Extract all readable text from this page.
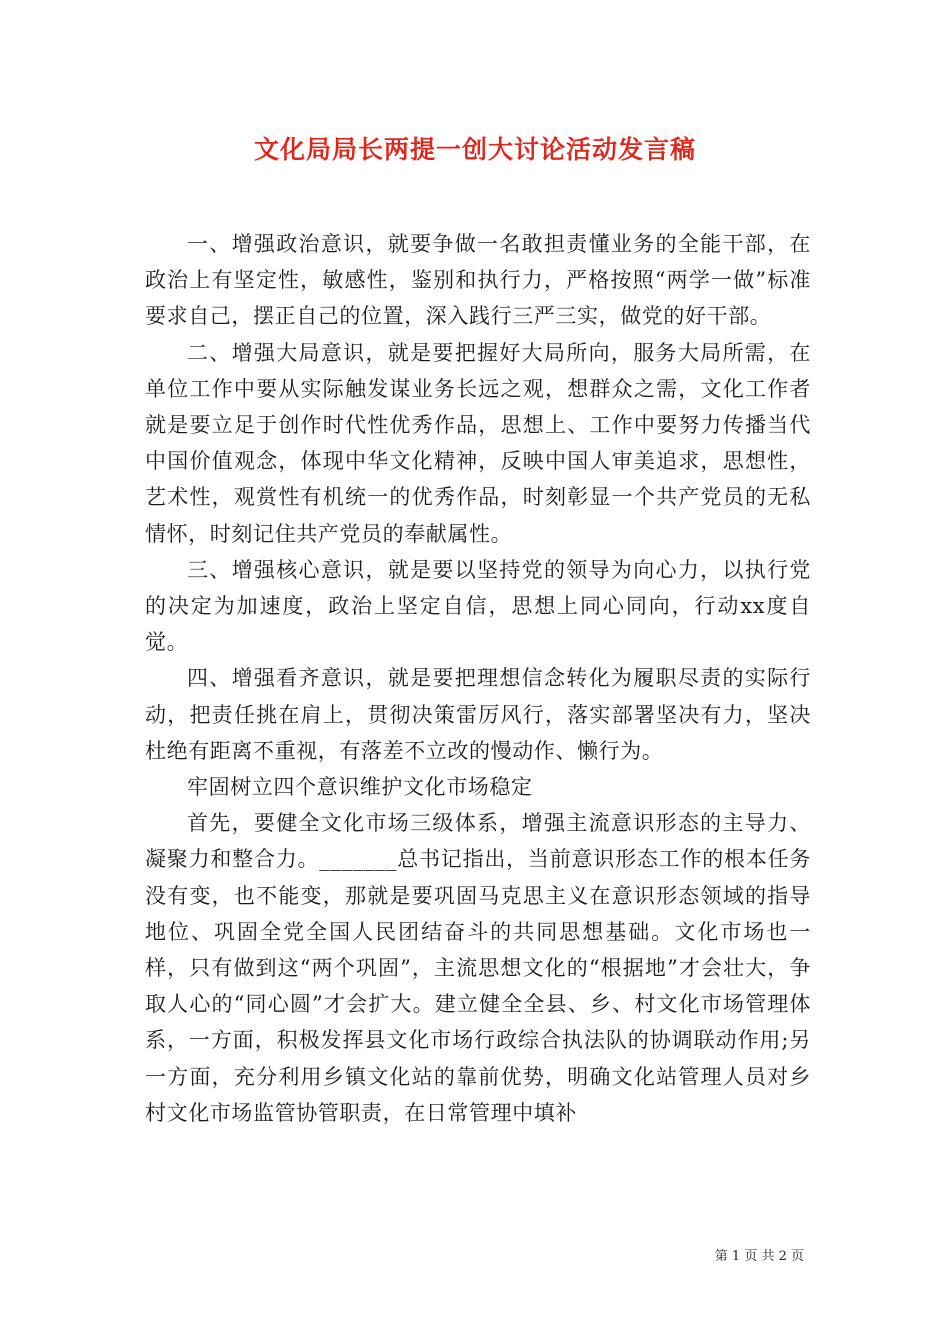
文化局局长两提一创大讨论活动发言稿

一、增强政治意识，就要争做一名敢担责懂业务的全能干部，在政治上有坚定性，敏感性，鉴别和执行力，严格按照“两学一做”标准要求自己，摆正自己的位置，深入践行三严三实，做党的好干部。

二、增强大局意识，就是要把握好大局所向，服务大局所需，在单位工作中要从实际触发谋业务长远之观，想群众之需，文化工作者就是要立足于创作时代性优秀作品，思想上、工作中要努力传播当代中国价值观念，体现中华文化精神，反映中国人审美追求，思想性，艺术性，观赏性有机统一的优秀作品，时刻彰显一个共产党员的无私情怀，时刻记住共产党员的奉献属性。

三、增强核心意识，就是要以坚持党的领导为向心力，以执行党的决定为加速度，政治上坚定自信，思想上同心同向，行动xx度自觉。

四、增强看齐意识，就是要把理想信念转化为履职尽责的实际行动，把责任挑在肩上，贯彻决策雷厉风行，落实部署坚决有力，坚决杜绝有距离不重视，有落差不立改的慢动作、懒行为。

牢固树立四个意识维护文化市场稳定

首先，要健全文化市场三级体系，增强主流意识形态的主导力、凝聚力和整合力。_______总书记指出，当前意识形态工作的根本任务没有变，也不能变，那就是要巩固马克思主义在意识形态领域的指导地位、巩固全党全国人民团结奋斗的共同思想基础。文化市场也一样，只有做到这“两个巩固”，主流思想文化的“根据地”才会壮大，争取人心的“同心圆”才会扩大。建立健全全县、乡、村文化市场管理体系，一方面，积极发挥县文化市场行政综合执法队的协调联动作用;另一方面，充分利用乡镇文化站的靠前优势，明确文化站管理人员对乡村文化市场监管协管职责，在日常管理中填补

第 1 页 共 2 页
